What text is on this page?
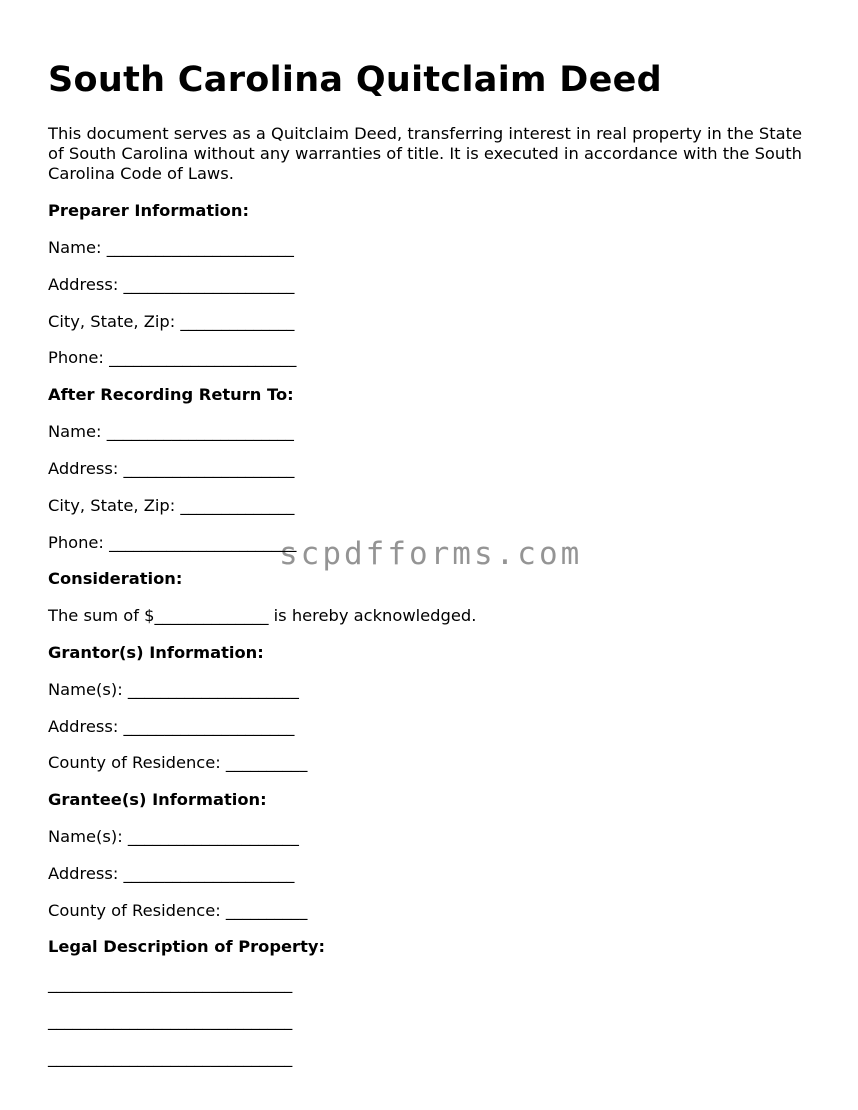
South Carolina Quitclaim Deed

This document serves as a Quitclaim Deed, transferring interest in real property in the State of South Carolina without any warranties of title. It is executed in accordance with the South Carolina Code of Laws.

Preparer Information:

Name: _______________________

Address: _____________________

City, State, Zip: ______________

Phone: _______________________

After Recording Return To:

Name: _______________________

Address: _____________________

City, State, Zip: ______________

Phone: _______________________

Consideration:

The sum of $______________ is hereby acknowledged.

Grantor(s) Information:

Name(s): _____________________

Address: _____________________

County of Residence: __________

Grantee(s) Information:

Name(s): _____________________

Address: _____________________

County of Residence: __________

Legal Description of Property:

______________________________

______________________________

______________________________

scpdfforms.com
